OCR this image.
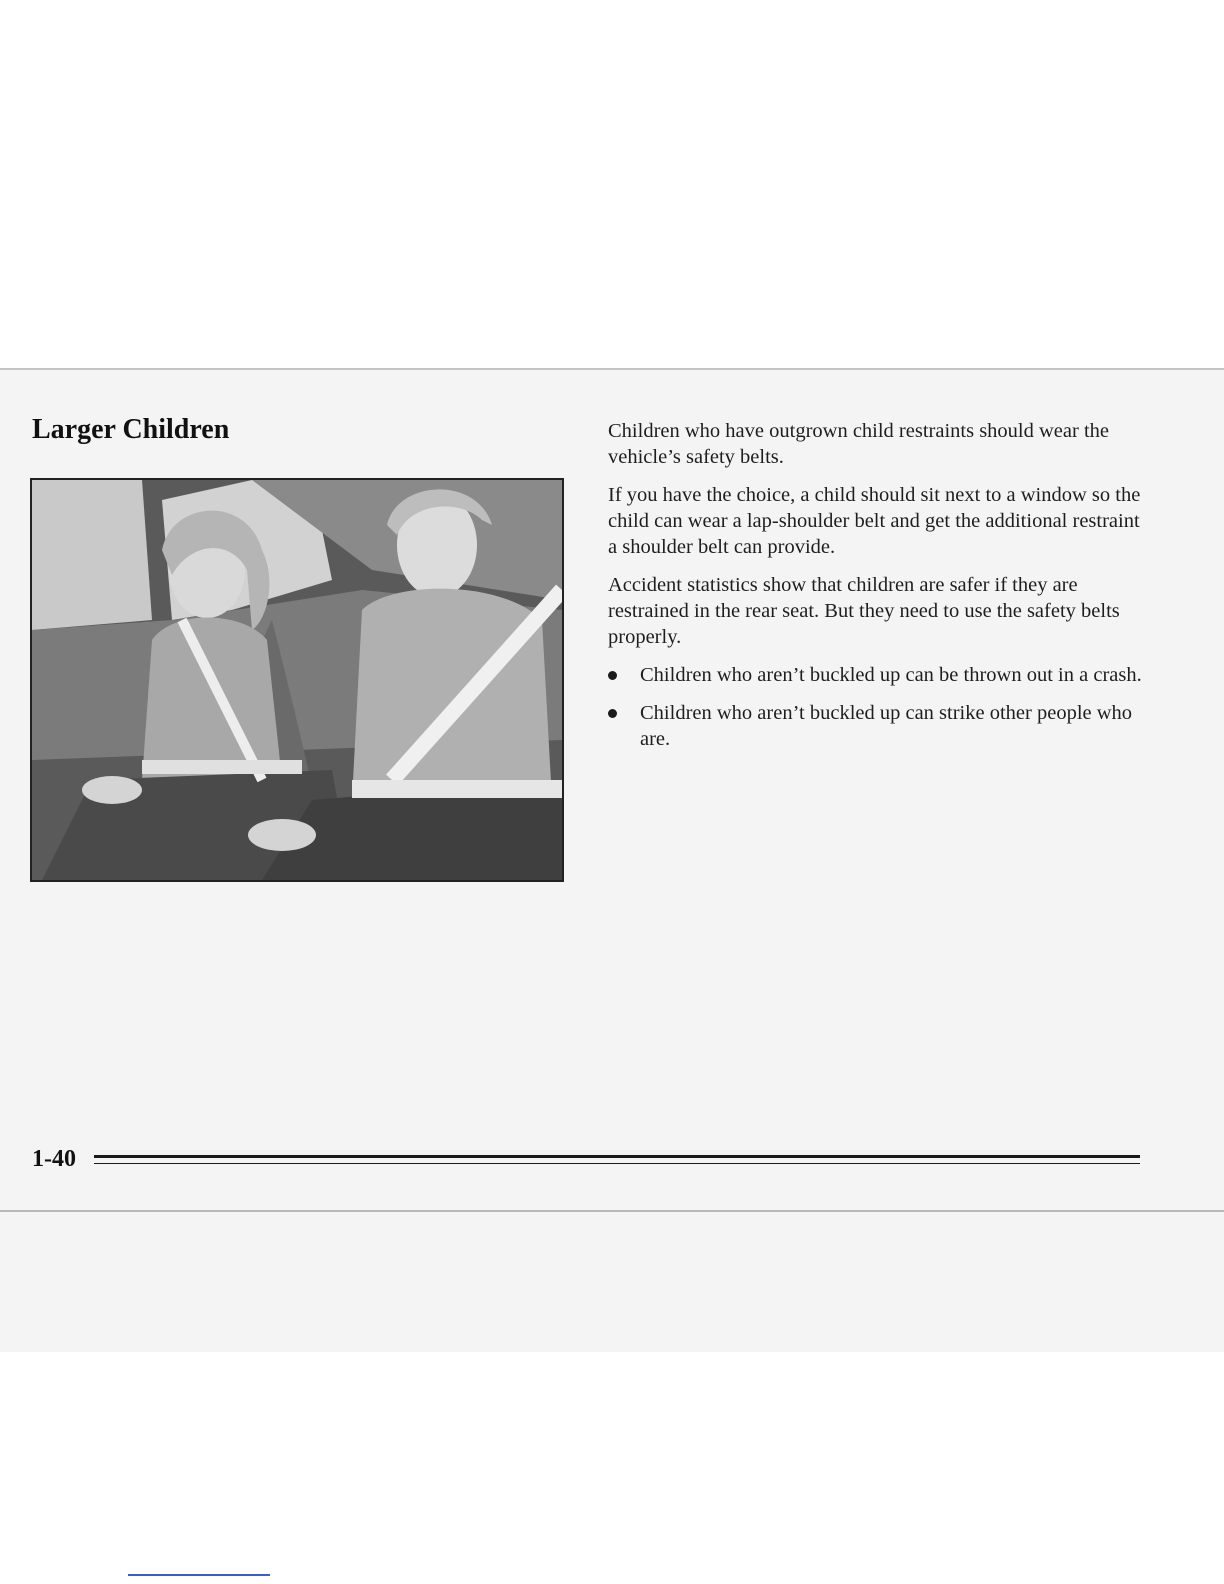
Larger Children	Children who have outgrown child restraints should wear the vehicle’s safety belts.

If you have the choice, a child should sit next to a window so the child can wear a lap-shoulder belt and get the additional restraint a shoulder belt can provide.

Accident statistics show that children are safer if they are restrained in the rear seat. But they need to use the safety belts properly.

Children who aren’t buckled up can be thrown out in a crash.
Children who aren’t buckled up can strike other people who are.
1-40
